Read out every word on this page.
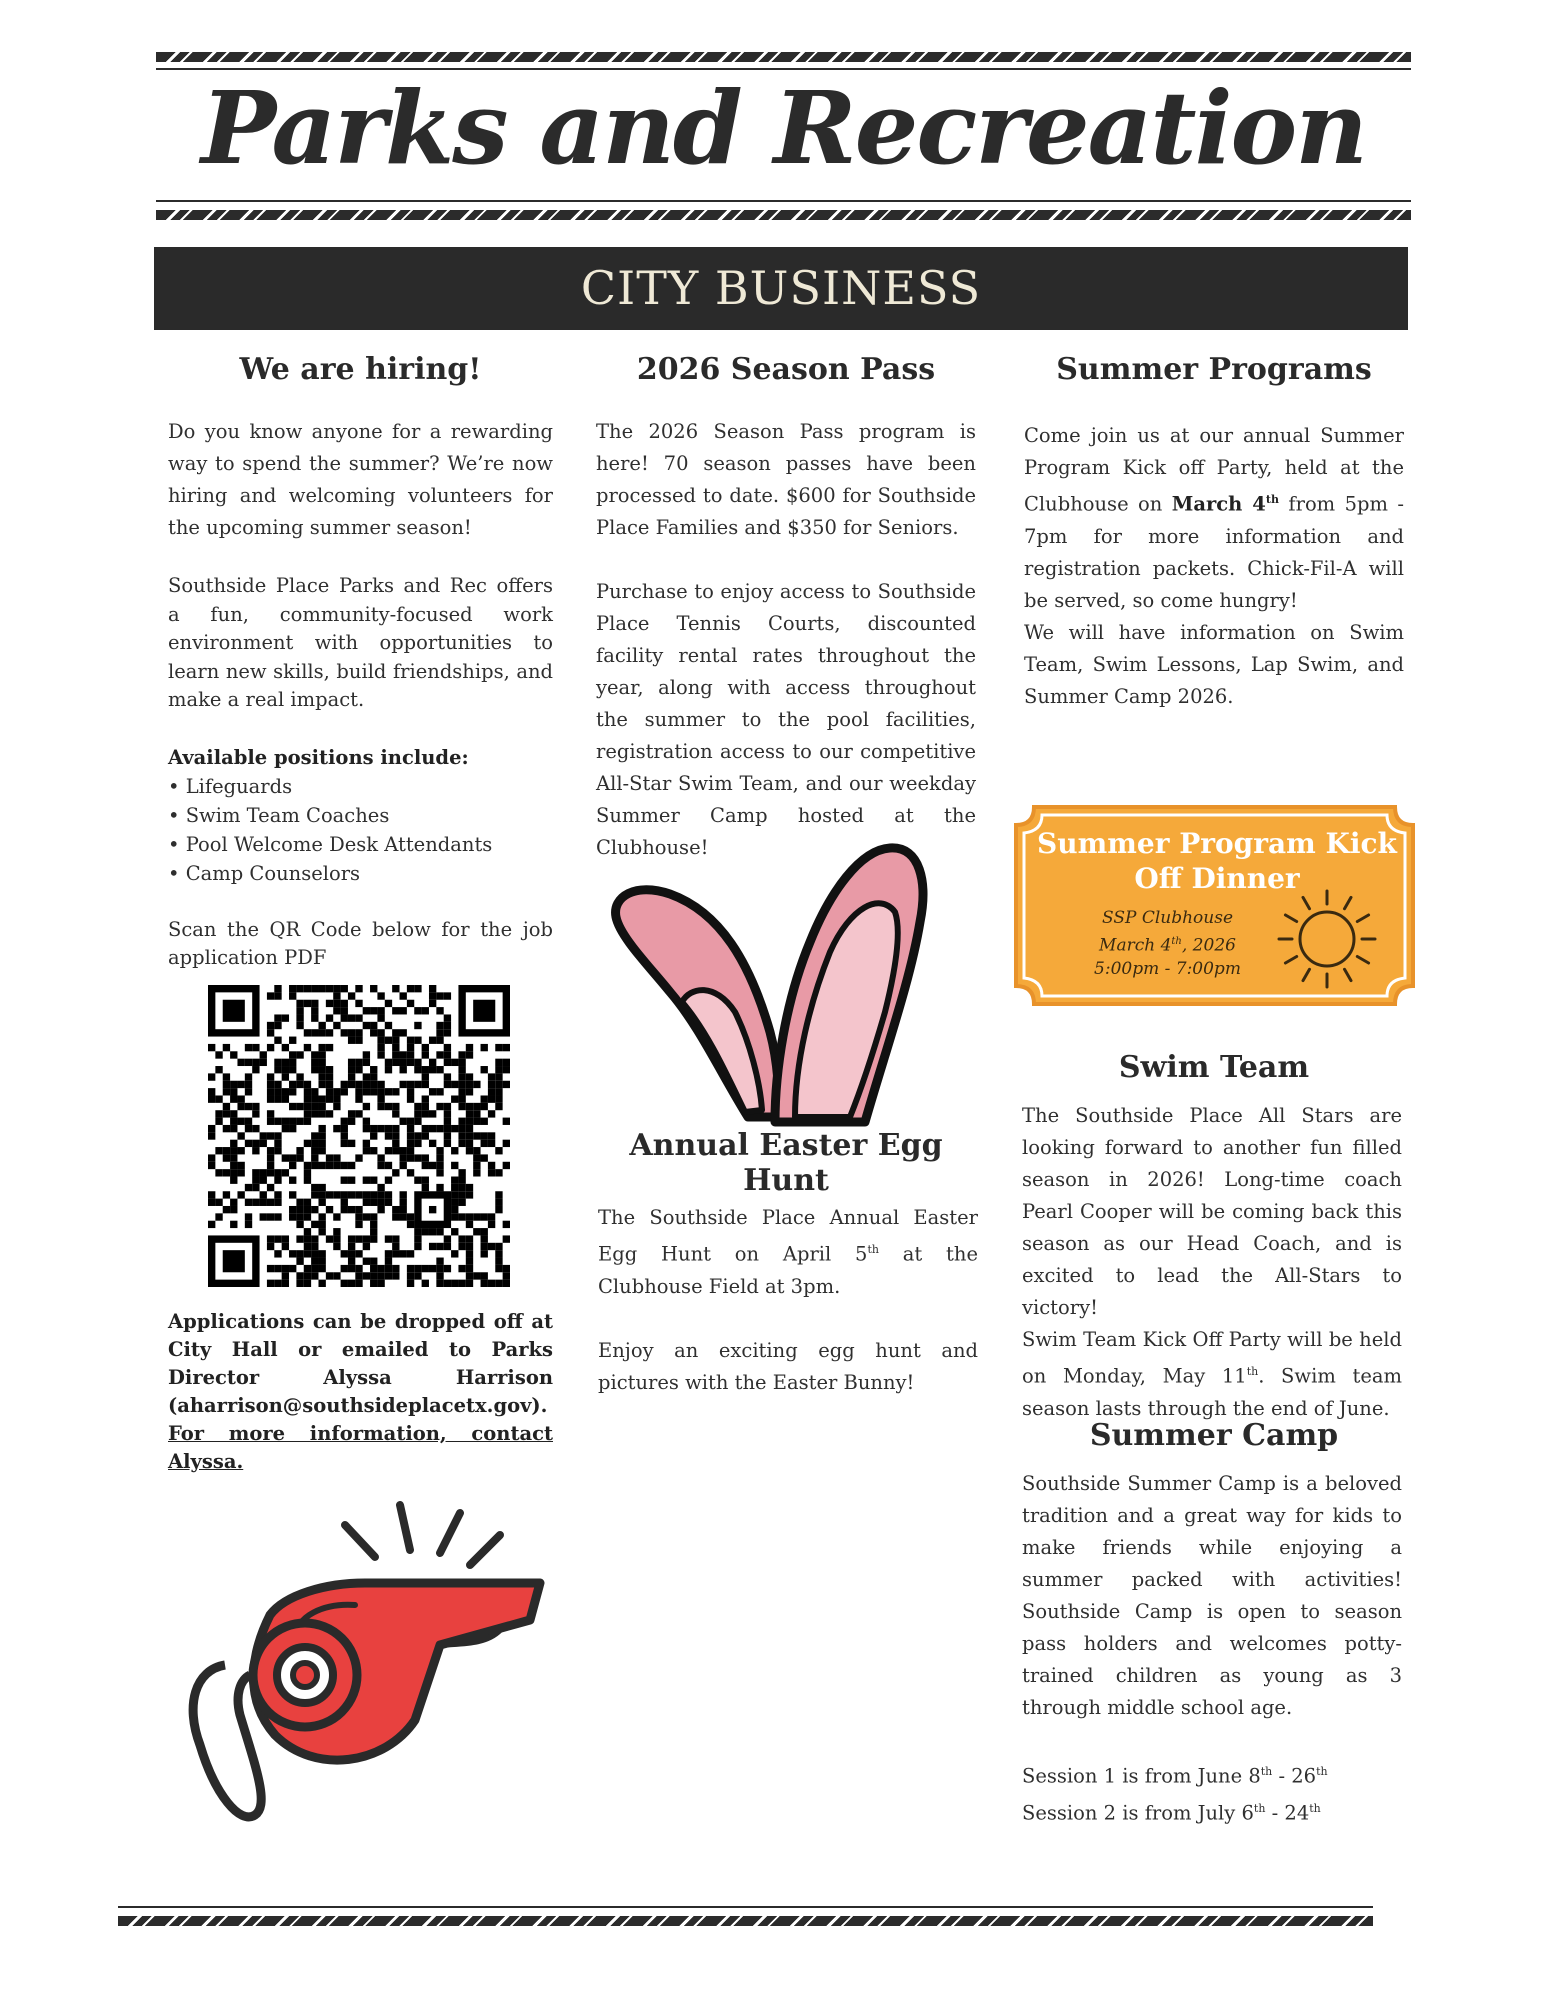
Parks and Recreation
CITY BUSINESS
We are hiring!

Do you know anyone for a rewarding way to spend the summer? We’re now hiring and welcoming volunteers for the upcoming summer season!

Southside Place Parks and Rec offers a fun, community-focused work environment with opportunities to learn new skills, build friendships, and make a real impact.

Available positions include:

• Lifeguards
• Swim Team Coaches
• Pool Welcome Desk Attendants
• Camp Counselors

Scan the QR Code below for the job application PDF

Applications can be dropped off at City Hall or emailed to Parks Director Alyssa Harrison (aharrison@southsideplacetx.gov).

For more information, contact Alyssa.

2026 Season Pass

The 2026 Season Pass program is here! 70 season passes have been processed to date. $600 for Southside Place Families and $350 for Seniors.

Purchase to enjoy access to Southside Place Tennis Courts, discounted facility rental rates throughout the year, along with access throughout the summer to the pool facilities, registration access to our competitive All-Star Swim Team, and our weekday Summer Camp hosted at the Clubhouse!

Annual Easter Egg Hunt

The Southside Place Annual Easter Egg Hunt on April 5th at the Clubhouse Field at 3pm.

Enjoy an exciting egg hunt and pictures with the Easter Bunny!

Summer Programs

Come join us at our annual Summer Program Kick off Party, held at the Clubhouse on March 4th from 5pm - 7pm for more information and registration packets. Chick-Fil-A will be served, so come hungry!

We will have information on Swim Team, Swim Lessons, Lap Swim, and Summer Camp 2026.

Summer Program Kick Off Dinner
SSP Clubhouse
March 4th, 2026
5:00pm - 7:00pm
Swim Team

The Southside Place All Stars are looking forward to another fun filled season in 2026! Long-time coach Pearl Cooper will be coming back this season as our Head Coach, and is excited to lead the All-Stars to victory!

Swim Team Kick Off Party will be held on Monday, May 11th. Swim team season lasts through the end of June.

Summer Camp

Southside Summer Camp is a beloved tradition and a great way for kids to make friends while enjoying a summer packed with activities! Southside Camp is open to season pass holders and welcomes potty-trained children as young as 3 through middle school age.

Session 1 is from June 8th - 26th

Session 2 is from July 6th - 24th
